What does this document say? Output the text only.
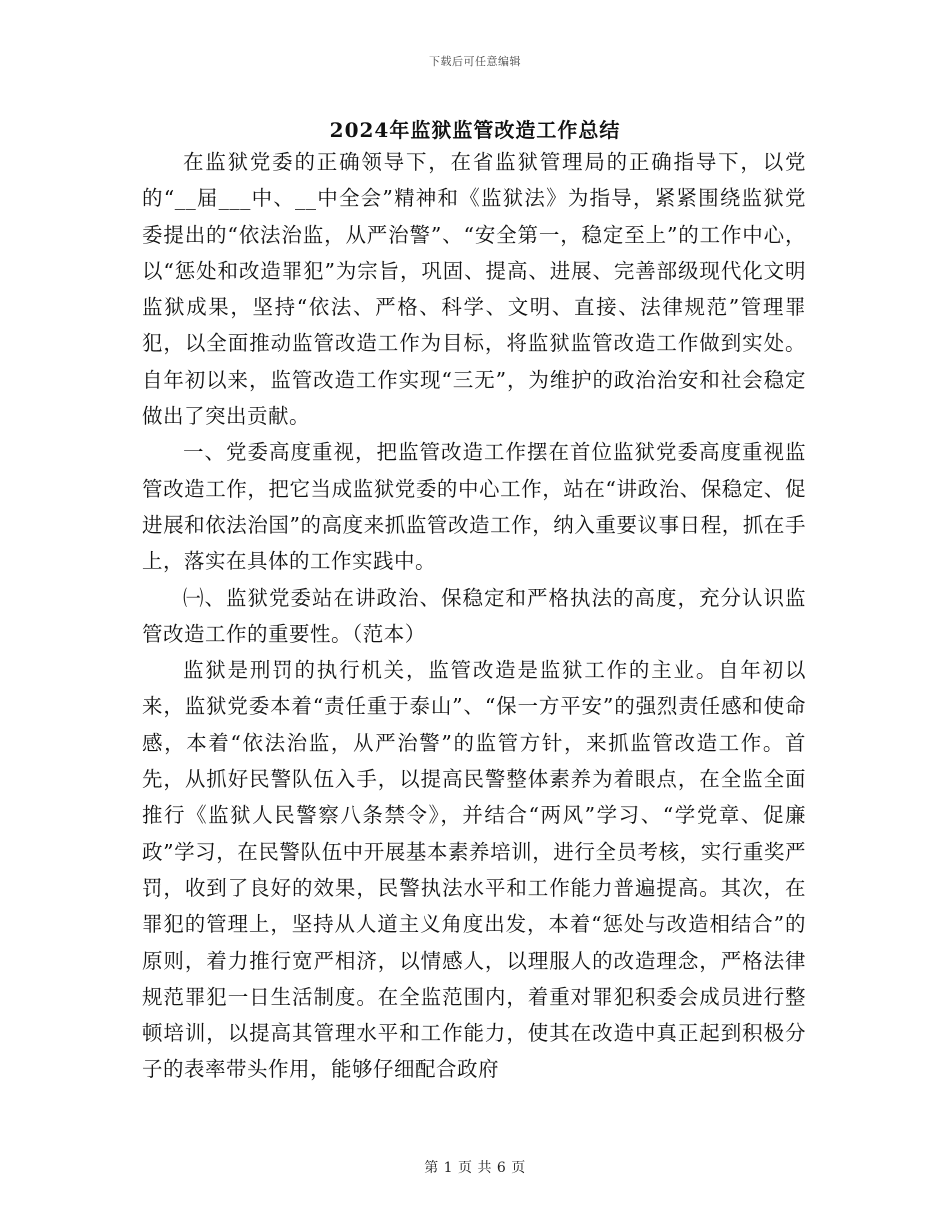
下载后可任意编辑
2024年监狱监管改造工作总结

在监狱党委的正确领导下，在省监狱管理局的正确指导下，以党的“__届___中、__中全会”精神和《监狱法》为指导，紧紧围绕监狱党委提出的“依法治监，从严治警”、“安全第一，稳定至上”的工作中心，以“惩处和改造罪犯”为宗旨，巩固、提高、进展、完善部级现代化文明监狱成果，坚持“依法、严格、科学、文明、直接、法律规范”管理罪犯，以全面推动监管改造工作为目标，将监狱监管改造工作做到实处。自年初以来，监管改造工作实现“三无”，为维护的政治治安和社会稳定做出了突出贡献。

一、党委高度重视，把监管改造工作摆在首位监狱党委高度重视监管改造工作，把它当成监狱党委的中心工作，站在“讲政治、保稳定、促进展和依法治国”的高度来抓监管改造工作，纳入重要议事日程，抓在手上，落实在具体的工作实践中。

㈠、监狱党委站在讲政治、保稳定和严格执法的高度，充分认识监管改造工作的重要性。（范本）

监狱是刑罚的执行机关，监管改造是监狱工作的主业。自年初以来，监狱党委本着“责任重于泰山”、“保一方平安”的强烈责任感和使命感，本着“依法治监，从严治警”的监管方针，来抓监管改造工作。首先，从抓好民警队伍入手，以提高民警整体素养为着眼点，在全监全面推行《监狱人民警察八条禁令》，并结合“两风”学习、“学党章、促廉政”学习，在民警队伍中开展基本素养培训，进行全员考核，实行重奖严罚，收到了良好的效果，民警执法水平和工作能力普遍提高。其次，在罪犯的管理上，坚持从人道主义角度出发，本着“惩处与改造相结合”的原则，着力推行宽严相济，以情感人，以理服人的改造理念，严格法律规范罪犯一日生活制度。在全监范围内，着重对罪犯积委会成员进行整顿培训，以提高其管理水平和工作能力，使其在改造中真正起到积极分子的表率带头作用，能够仔细配合政府

第 1 页 共 6 页
